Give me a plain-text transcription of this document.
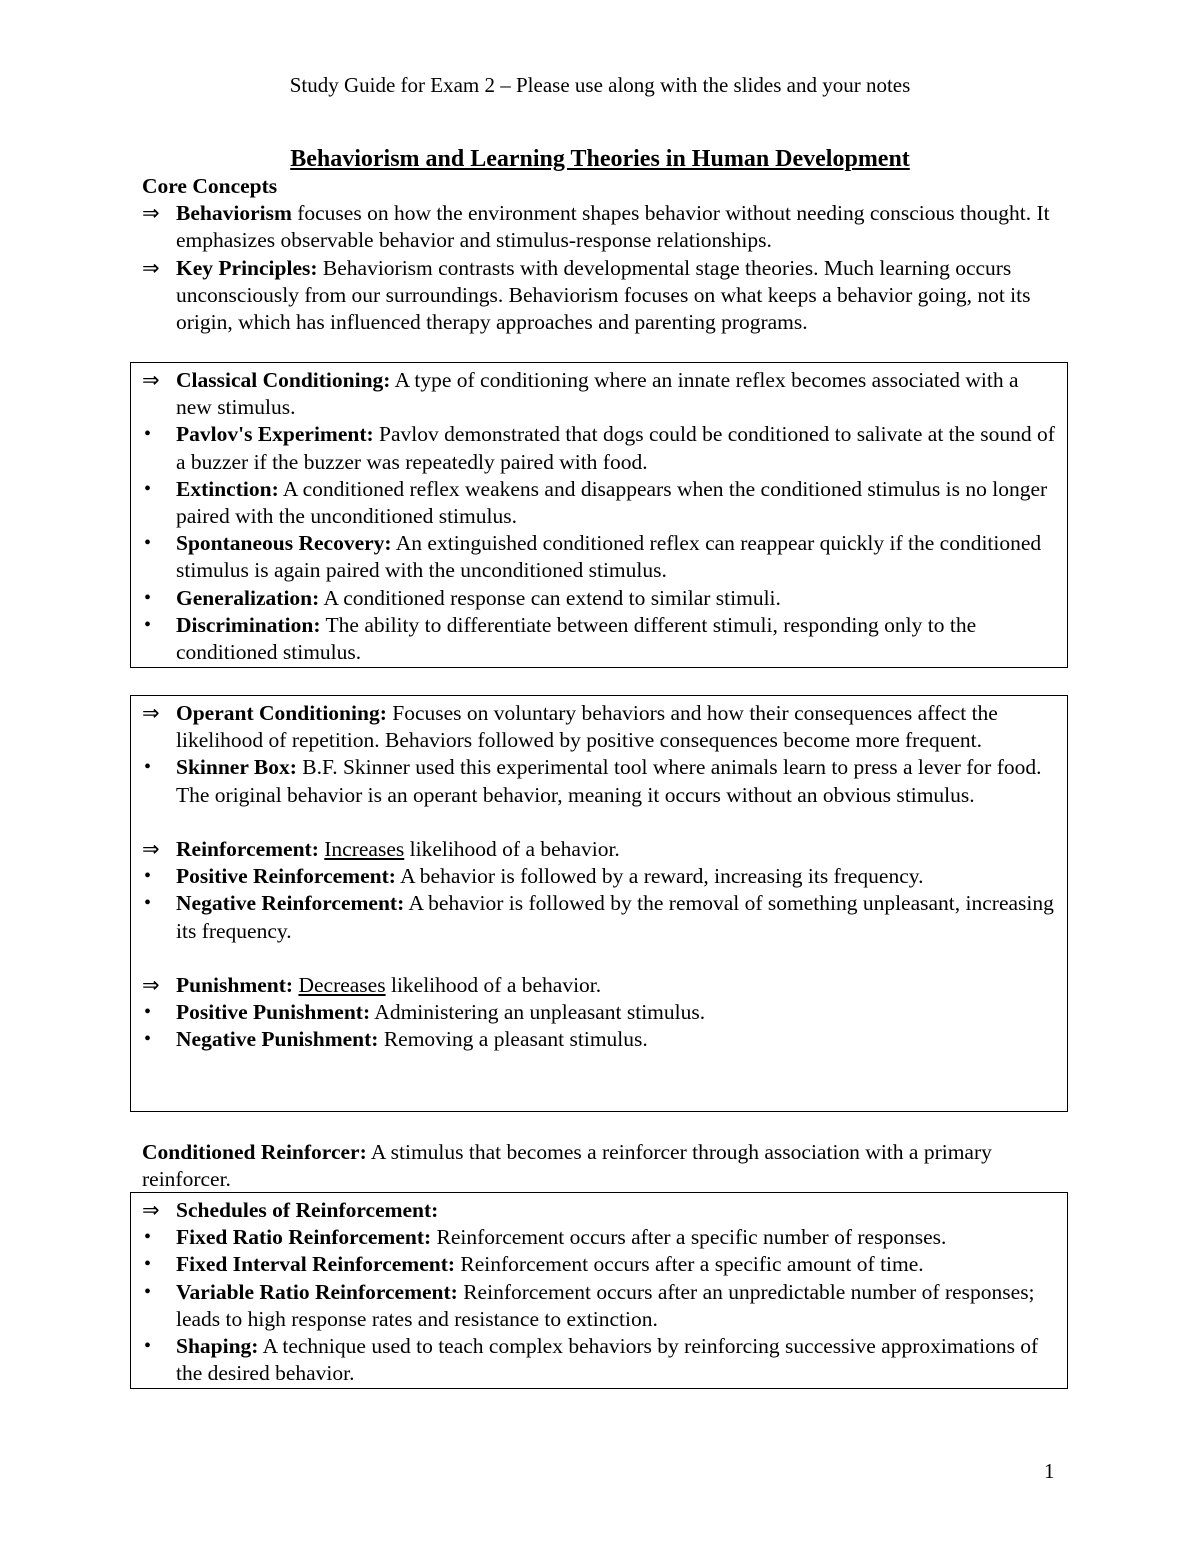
Study Guide for Exam 2 – Please use along with the slides and your notes
Behaviorism and Learning Theories in Human Development
Core Concepts
⇒ Behaviorism focuses on how the environment shapes behavior without needing conscious thought. It emphasizes observable behavior and stimulus-response relationships.
⇒ Key Principles: Behaviorism contrasts with developmental stage theories. Much learning occurs unconsciously from our surroundings. Behaviorism focuses on what keeps a behavior going, not its origin, which has influenced therapy approaches and parenting programs.
⇒ Classical Conditioning: A type of conditioning where an innate reflex becomes associated with a new stimulus.
•	Pavlov's Experiment: Pavlov demonstrated that dogs could be conditioned to salivate at the sound of a buzzer if the buzzer was repeatedly paired with food.
•	Extinction: A conditioned reflex weakens and disappears when the conditioned stimulus is no longer paired with the unconditioned stimulus.
•	Spontaneous Recovery: An extinguished conditioned reflex can reappear quickly if the conditioned stimulus is again paired with the unconditioned stimulus.
•	Generalization: A conditioned response can extend to similar stimuli.
•	Discrimination: The ability to differentiate between different stimuli, responding only to the conditioned stimulus.
⇒ Operant Conditioning: Focuses on voluntary behaviors and how their consequences affect the likelihood of repetition. Behaviors followed by positive consequences become more frequent.
•	Skinner Box: B.F. Skinner used this experimental tool where animals learn to press a lever for food. The original behavior is an operant behavior, meaning it occurs without an obvious stimulus.
⇒ Reinforcement: Increases likelihood of a behavior.
•	Positive Reinforcement: A behavior is followed by a reward, increasing its frequency.
•	Negative Reinforcement: A behavior is followed by the removal of something unpleasant, increasing its frequency.
⇒ Punishment: Decreases likelihood of a behavior.
•	Positive Punishment: Administering an unpleasant stimulus.
•	Negative Punishment: Removing a pleasant stimulus.
Conditioned Reinforcer: A stimulus that becomes a reinforcer through association with a primary reinforcer.
⇒ Schedules of Reinforcement:
•	Fixed Ratio Reinforcement: Reinforcement occurs after a specific number of responses.
•	Fixed Interval Reinforcement: Reinforcement occurs after a specific amount of time.
•	Variable Ratio Reinforcement: Reinforcement occurs after an unpredictable number of responses; leads to high response rates and resistance to extinction.
•	Shaping: A technique used to teach complex behaviors by reinforcing successive approximations of the desired behavior.
1
